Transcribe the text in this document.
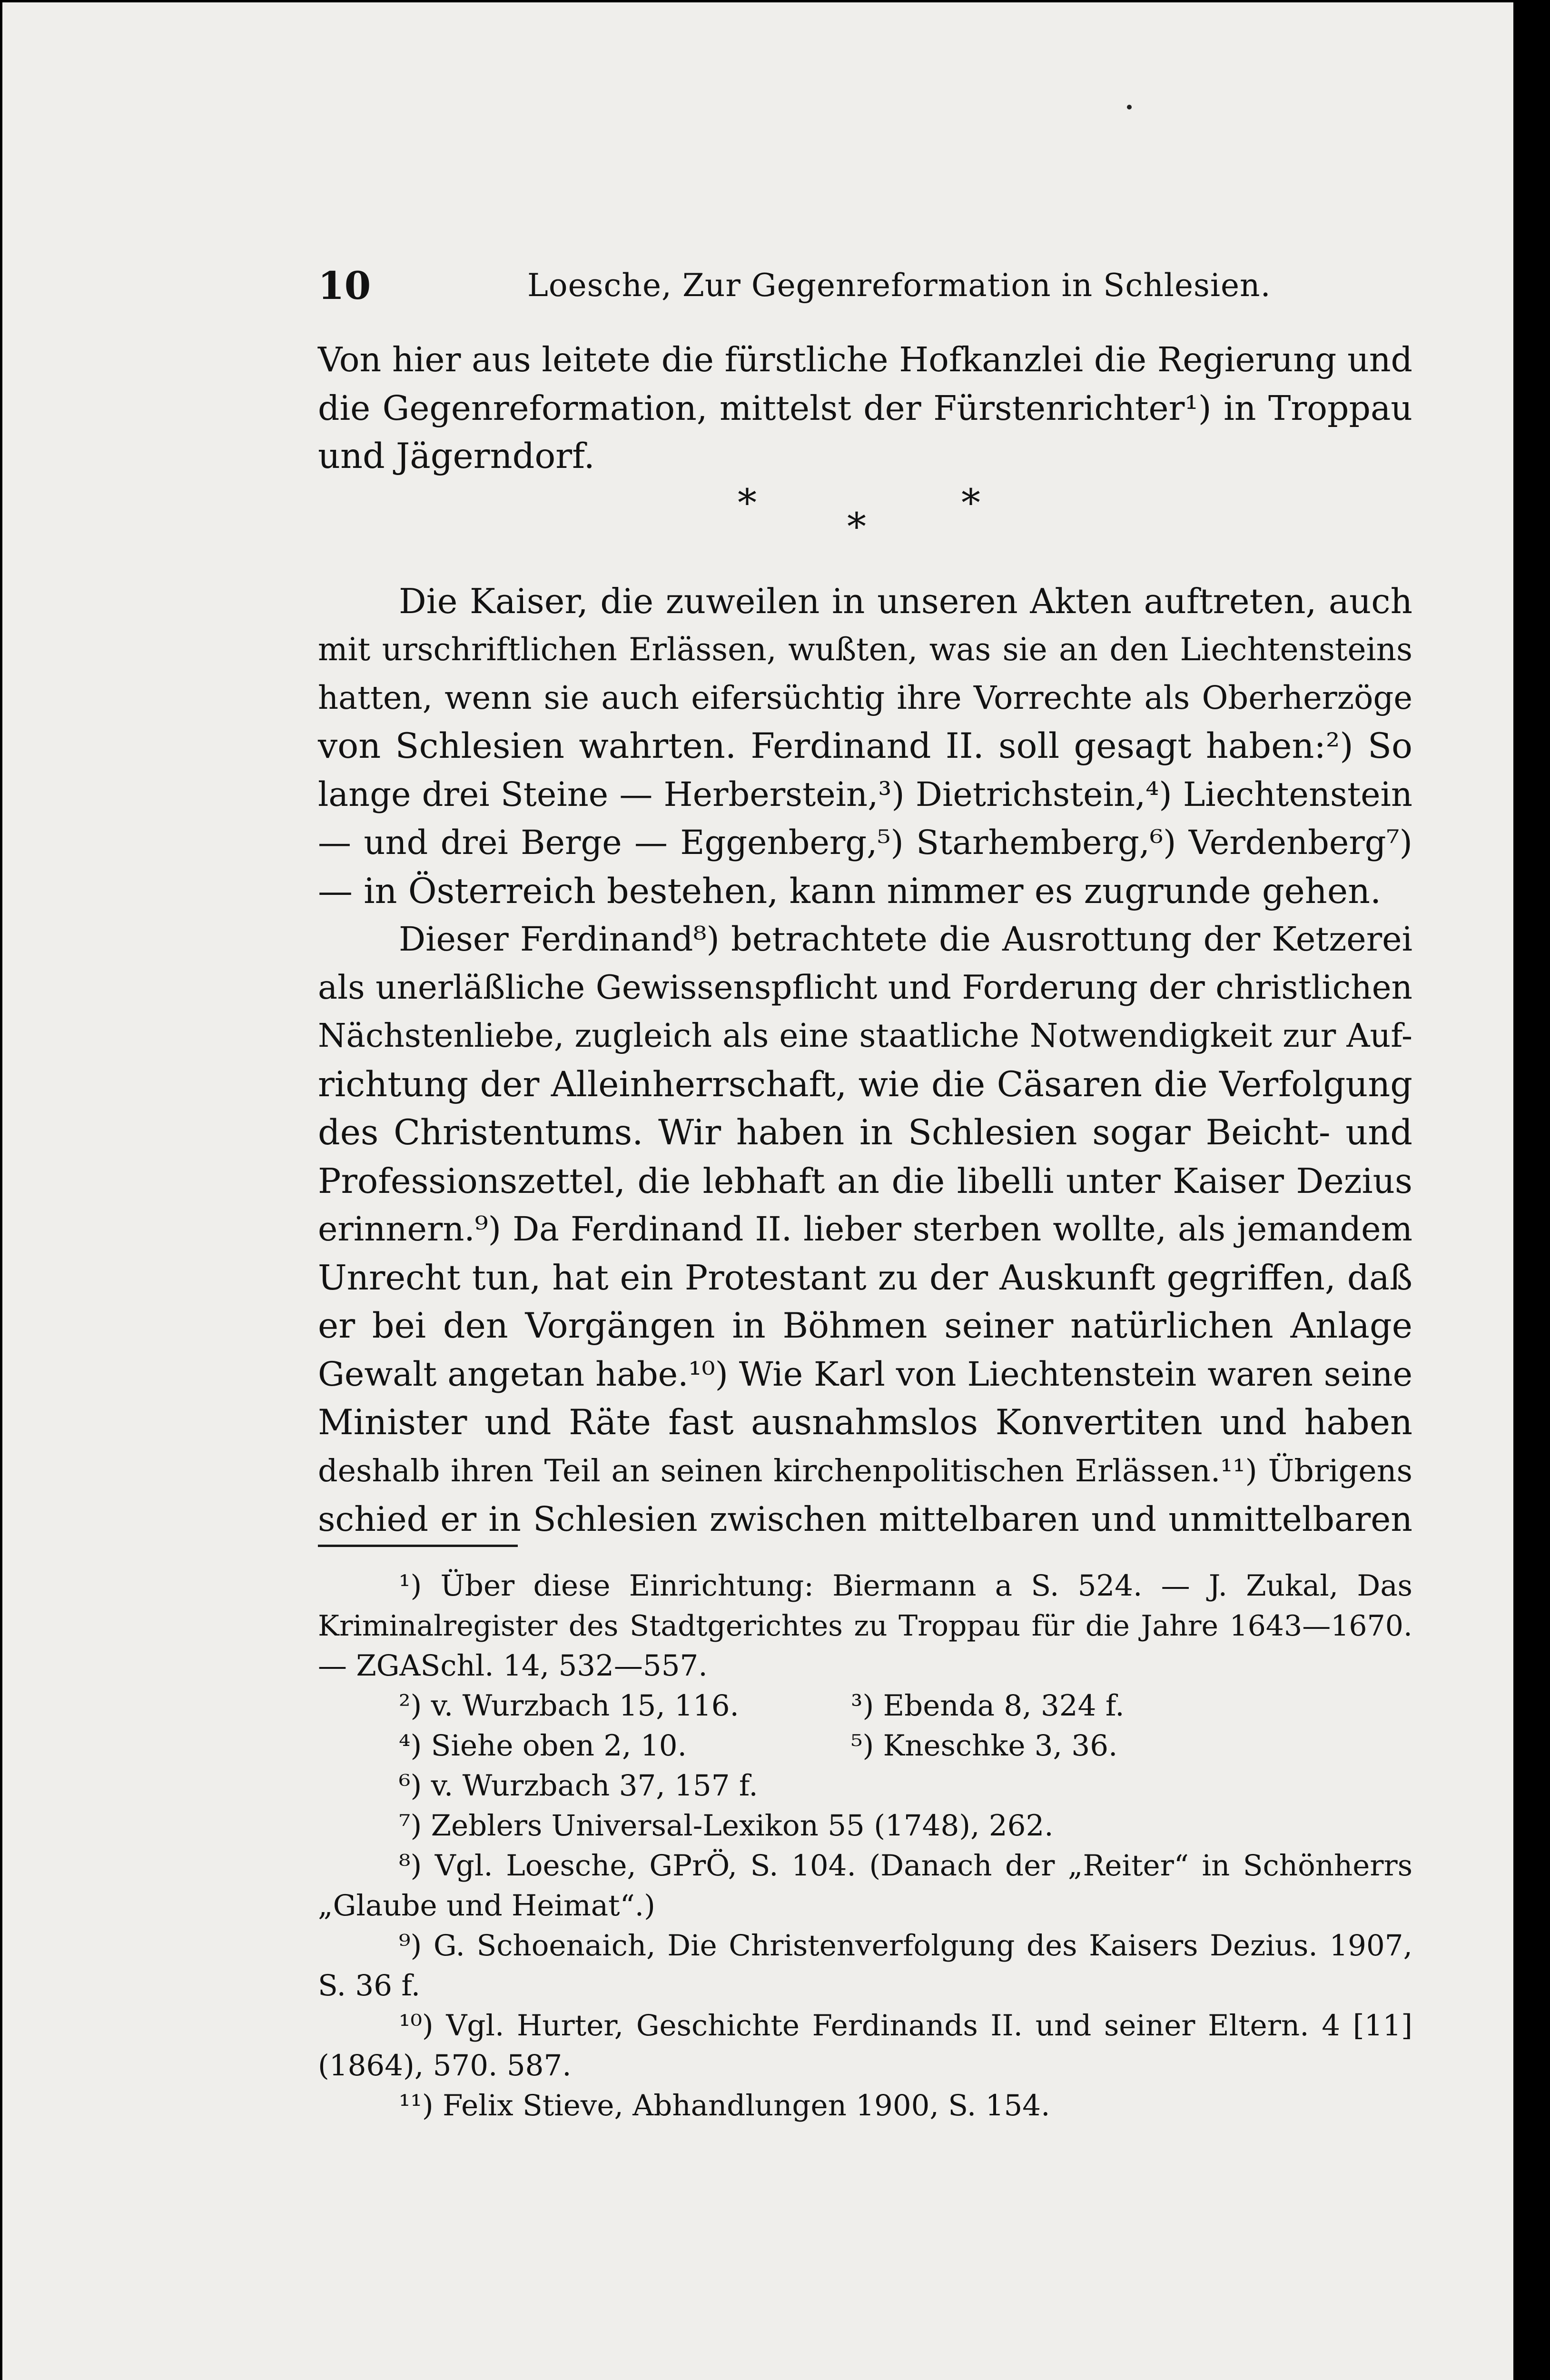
10	Loesche, Zur Gegenreformation in Schlesien.
Von hier aus leitete die fürstliche Hofkanzlei die Regierung und
die Gegenreformation, mittelst der Fürstenrichter¹) in Troppau
und Jägerndorf.
Die Kaiser, die zuweilen in unseren Akten auftreten, auch
mit urschriftlichen Erlässen, wußten, was sie an den Liechtensteins
hatten, wenn sie auch eifersüchtig ihre Vorrechte als Oberherzöge
von Schlesien wahrten. Ferdinand II. soll gesagt haben:²) So
lange drei Steine — Herberstein,³) Dietrichstein,⁴) Liechtenstein
— und drei Berge — Eggenberg,⁵) Starhemberg,⁶) Verdenberg⁷)
— in Österreich bestehen, kann nimmer es zugrunde gehen.
Dieser Ferdinand⁸) betrachtete die Ausrottung der Ketzerei
als unerläßliche Gewissenspflicht und Forderung der christlichen
Nächstenliebe, zugleich als eine staatliche Notwendigkeit zur Auf-
richtung der Alleinherrschaft, wie die Cäsaren die Verfolgung
des Christentums. Wir haben in Schlesien sogar Beicht- und
Professionszettel, die lebhaft an die libelli unter Kaiser Dezius
erinnern.⁹) Da Ferdinand II. lieber sterben wollte, als jemandem
Unrecht tun, hat ein Protestant zu der Auskunft gegriffen, daß
er bei den Vorgängen in Böhmen seiner natürlichen Anlage
Gewalt angetan habe.¹⁰) Wie Karl von Liechtenstein waren seine
Minister und Räte fast ausnahmslos Konvertiten und haben
deshalb ihren Teil an seinen kirchenpolitischen Erlässen.¹¹) Übrigens
schied er in Schlesien zwischen mittelbaren und unmittelbaren
*
*
*
¹) Über diese Einrichtung: Biermann a S. 524. — J. Zukal, Das
Kriminalregister des Stadtgerichtes zu Troppau für die Jahre 1643—1670.
— ZGASchl. 14, 532—557.
²) v. Wurzbach 15, 116.	³) Ebenda 8, 324 f.
⁴) Siehe oben 2, 10.	⁵) Kneschke 3, 36.
⁶) v. Wurzbach 37, 157 f.
⁷) Zeblers Universal-Lexikon 55 (1748), 262.
⁸) Vgl. Loesche, GPrÖ, S. 104. (Danach der „Reiter“ in Schönherrs
„Glaube und Heimat“.)
⁹) G. Schoenaich, Die Christenverfolgung des Kaisers Dezius. 1907,
S. 36 f.
¹⁰) Vgl. Hurter, Geschichte Ferdinands II. und seiner Eltern. 4 [11]
(1864), 570. 587.
¹¹) Felix Stieve, Abhandlungen 1900, S. 154.
